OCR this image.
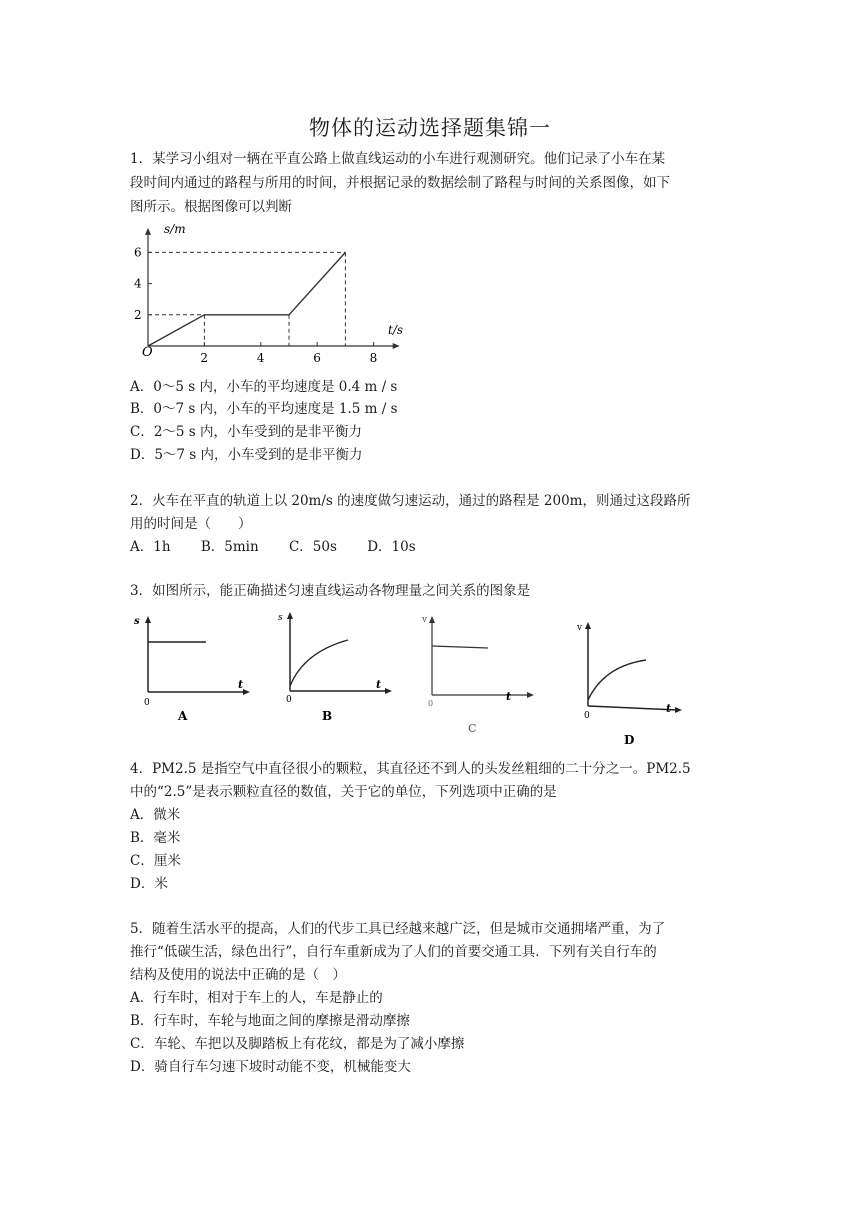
物体的运动选择题集锦一
1．某学习小组对一辆在平直公路上做直线运动的小车进行观测研究。他们记录了小车在某
段时间内通过的路程与所用的时间，并根据记录的数据绘制了路程与时间的关系图像，如下
图所示。根据图像可以判断
2	4	6	8
2
4
6
t/s
s/m
O
A．0～5 s 内，小车的平均速度是 0.4 m / s
B．0～7 s 内，小车的平均速度是 1.5 m / s
C．2～5 s 内，小车受到的是非平衡力
D．5～7 s 内，小车受到的是非平衡力
2．火车在平直的轨道上以 20m/s 的速度做匀速运动，通过的路程是 200m，则通过这段路所
用的时间是（　　）
A．1h B．5min C．50s D．10s
3．如图所示，能正确描述匀速直线运动各物理量之间关系的图象是
s
t
0
A
s
t
0
B
v
t
0
C
v
t
0
D
4．PM2.5 是指空气中直径很小的颗粒，其直径还不到人的头发丝粗细的二十分之一。PM2.5
中的“2.5”是表示颗粒直径的数值，关于它的单位，下列选项中正确的是
A．微米
B．毫米
C．厘米
D．米
5．随着生活水平的提高，人们的代步工具已经越来越广泛，但是城市交通拥堵严重，为了
推行“低碳生活，绿色出行”，自行车重新成为了人们的首要交通工具．下列有关自行车的
结构及使用的说法中正确的是（　）
A．行车时，相对于车上的人，车是静止的
B．行车时，车轮与地面之间的摩擦是滑动摩擦
C．车轮、车把以及脚踏板上有花纹，都是为了减小摩擦
D．骑自行车匀速下坡时动能不变，机械能变大
